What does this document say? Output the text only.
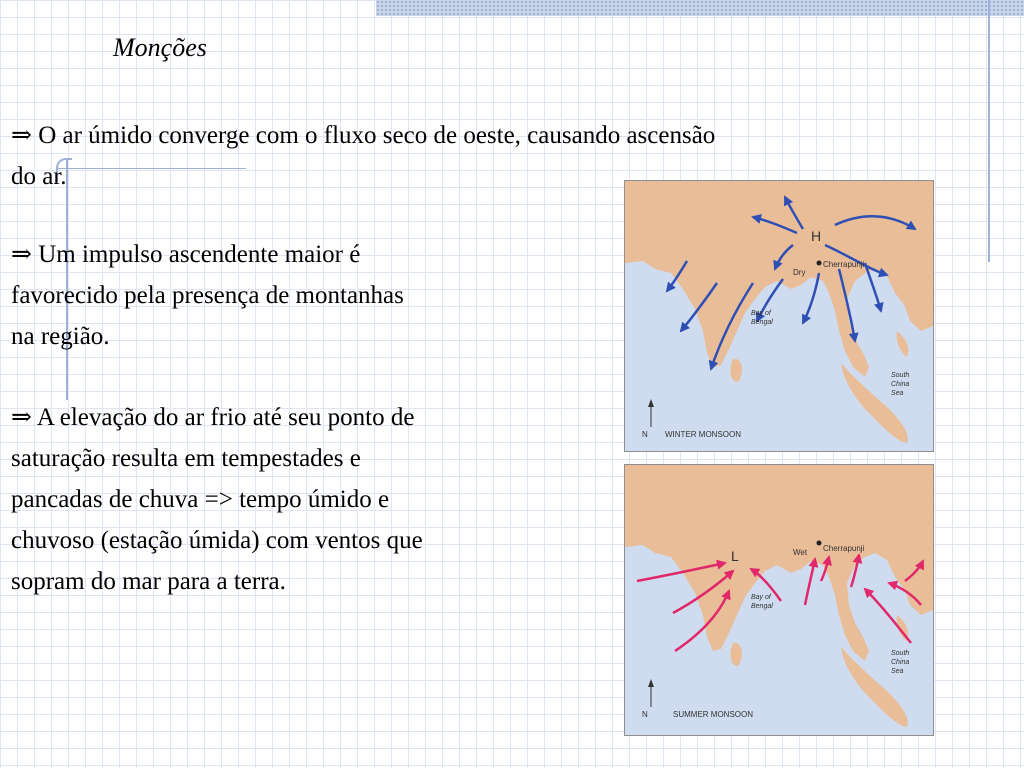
Monções

⇒ O ar úmido converge com o fluxo seco de oeste, causando ascensão
do ar.

⇒ Um impulso ascendente maior é
favorecido pela presença de montanhas
na região.

⇒ A elevação do ar frio até seu ponto de
saturação resulta em tempestades e
pancadas de chuva => tempo úmido e
chuvoso (estação úmida) com ventos que
sopram do mar para a terra.

H
Cherrapunji
Dry
Bay of
Bengal
South
China
Sea
N WINTER MONSOON
L	Cherrapunji
Wet
Bay of
Bengal
South
China
Sea
N	SUMMER MONSOON
